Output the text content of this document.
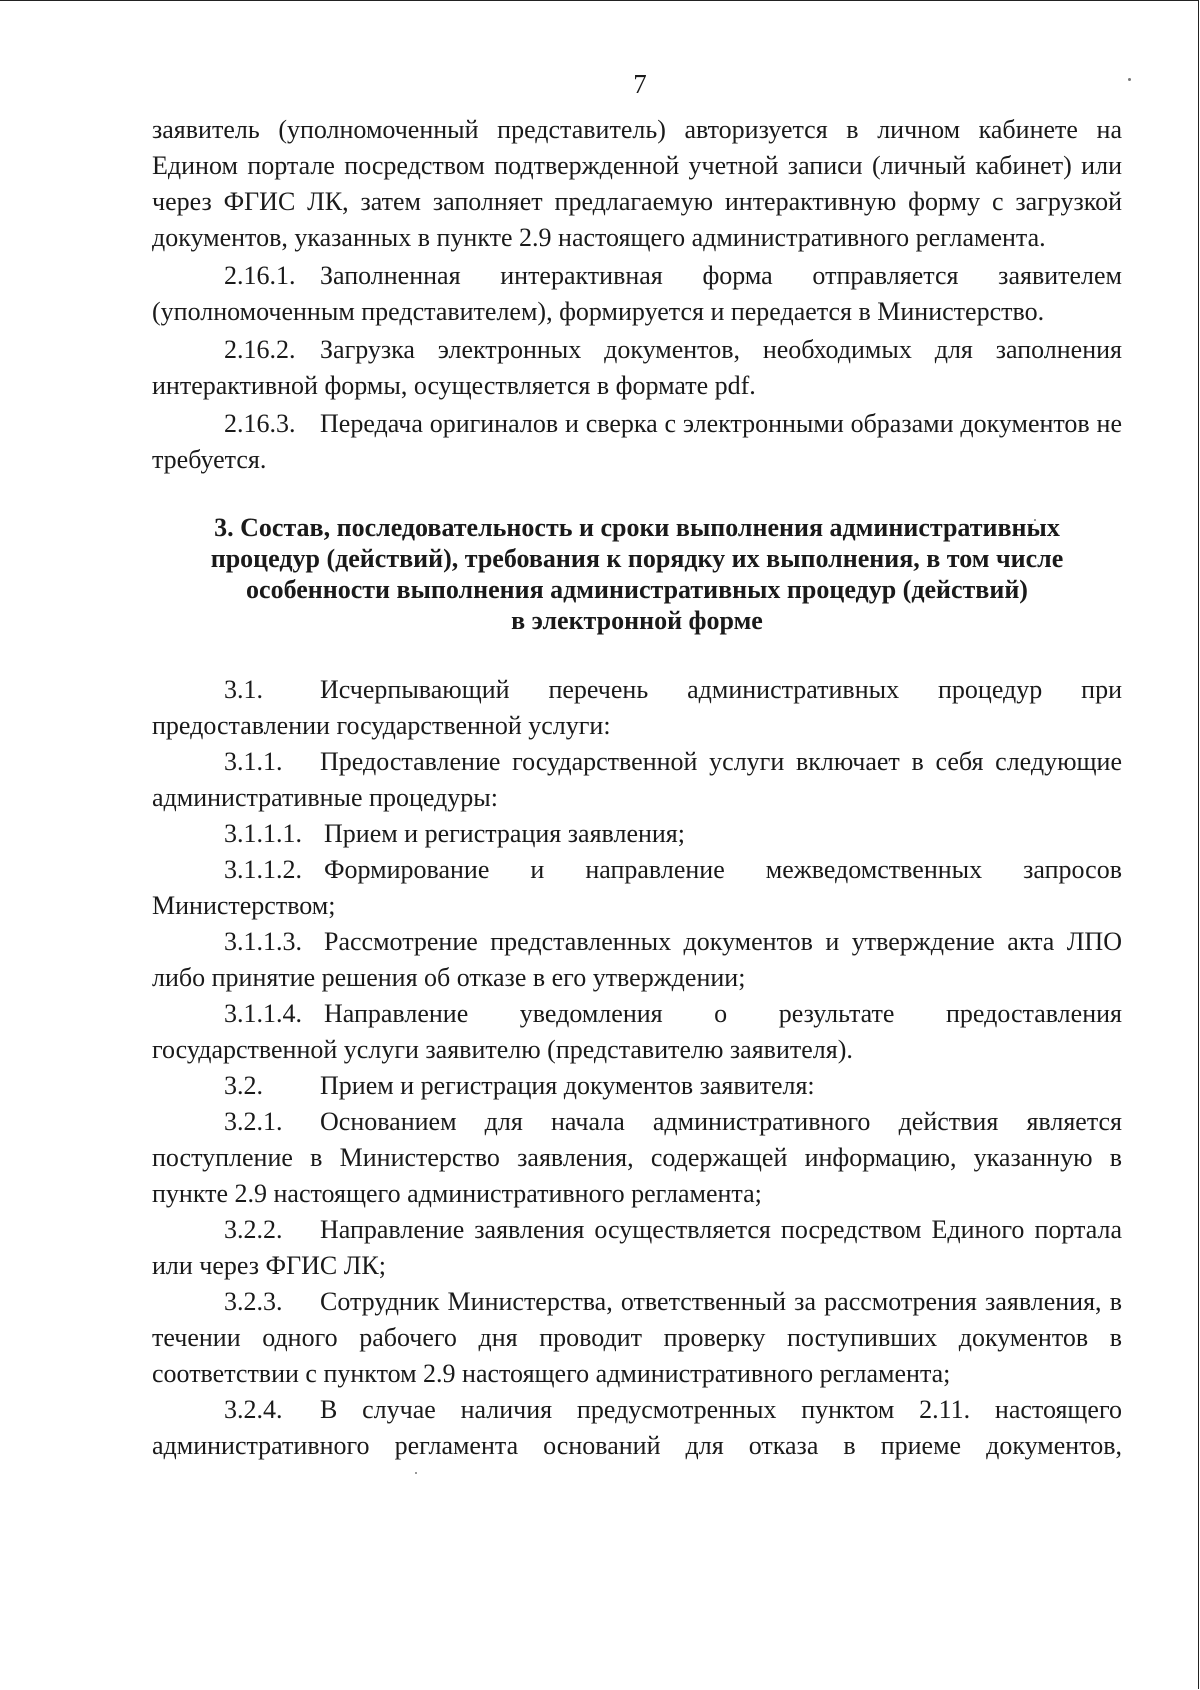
7

заявитель (уполномоченный представитель) авторизуется в личном кабинете на Едином портале посредством подтвержденной учетной записи (личный кабинет) или через ФГИС ЛК, затем заполняет предлагаемую интерактивную форму с загрузкой документов, указанных в пункте 2.9 настоящего административного регламента.

2.16.1. Заполненная интерактивная форма отправляется заявителем (уполномоченным представителем), формируется и передается в Министерство.

2.16.2. Загрузка электронных документов, необходимых для заполнения интерактивной формы, осуществляется в формате pdf.

2.16.3. Передача оригиналов и сверка с электронными образами документов не требуется.

3. Состав, последовательность и сроки выполнения административных
процедур (действий), требования к порядку их выполнения, в том числе
особенности выполнения административных процедур (действий)
в электронной форме

3.1. Исчерпывающий перечень административных процедур при предоставлении государственной услуги:

3.1.1. Предоставление государственной услуги включает в себя следующие административные процедуры:

3.1.1.1. Прием и регистрация заявления;

3.1.1.2. Формирование и направление межведомственных запросов Министерством;

3.1.1.3. Рассмотрение представленных документов и утверждение акта ЛПО либо принятие решения об отказе в его утверждении;

3.1.1.4. Направление уведомления о результате предоставления государственной услуги заявителю (представителю заявителя).

3.2. Прием и регистрация документов заявителя:

3.2.1. Основанием для начала административного действия является поступление в Министерство заявления, содержащей информацию, указанную в пункте 2.9 настоящего административного регламента;

3.2.2. Направление заявления осуществляется посредством Единого портала или через ФГИС ЛК;

3.2.3. Сотрудник Министерства, ответственный за рассмотрения заявления, в течении одного рабочего дня проводит проверку поступивших документов в соответствии с пунктом 2.9 настоящего административного регламента;

3.2.4. В случае наличия предусмотренных пунктом 2.11. настоящего административного регламента оснований для отказа в приеме документов,
